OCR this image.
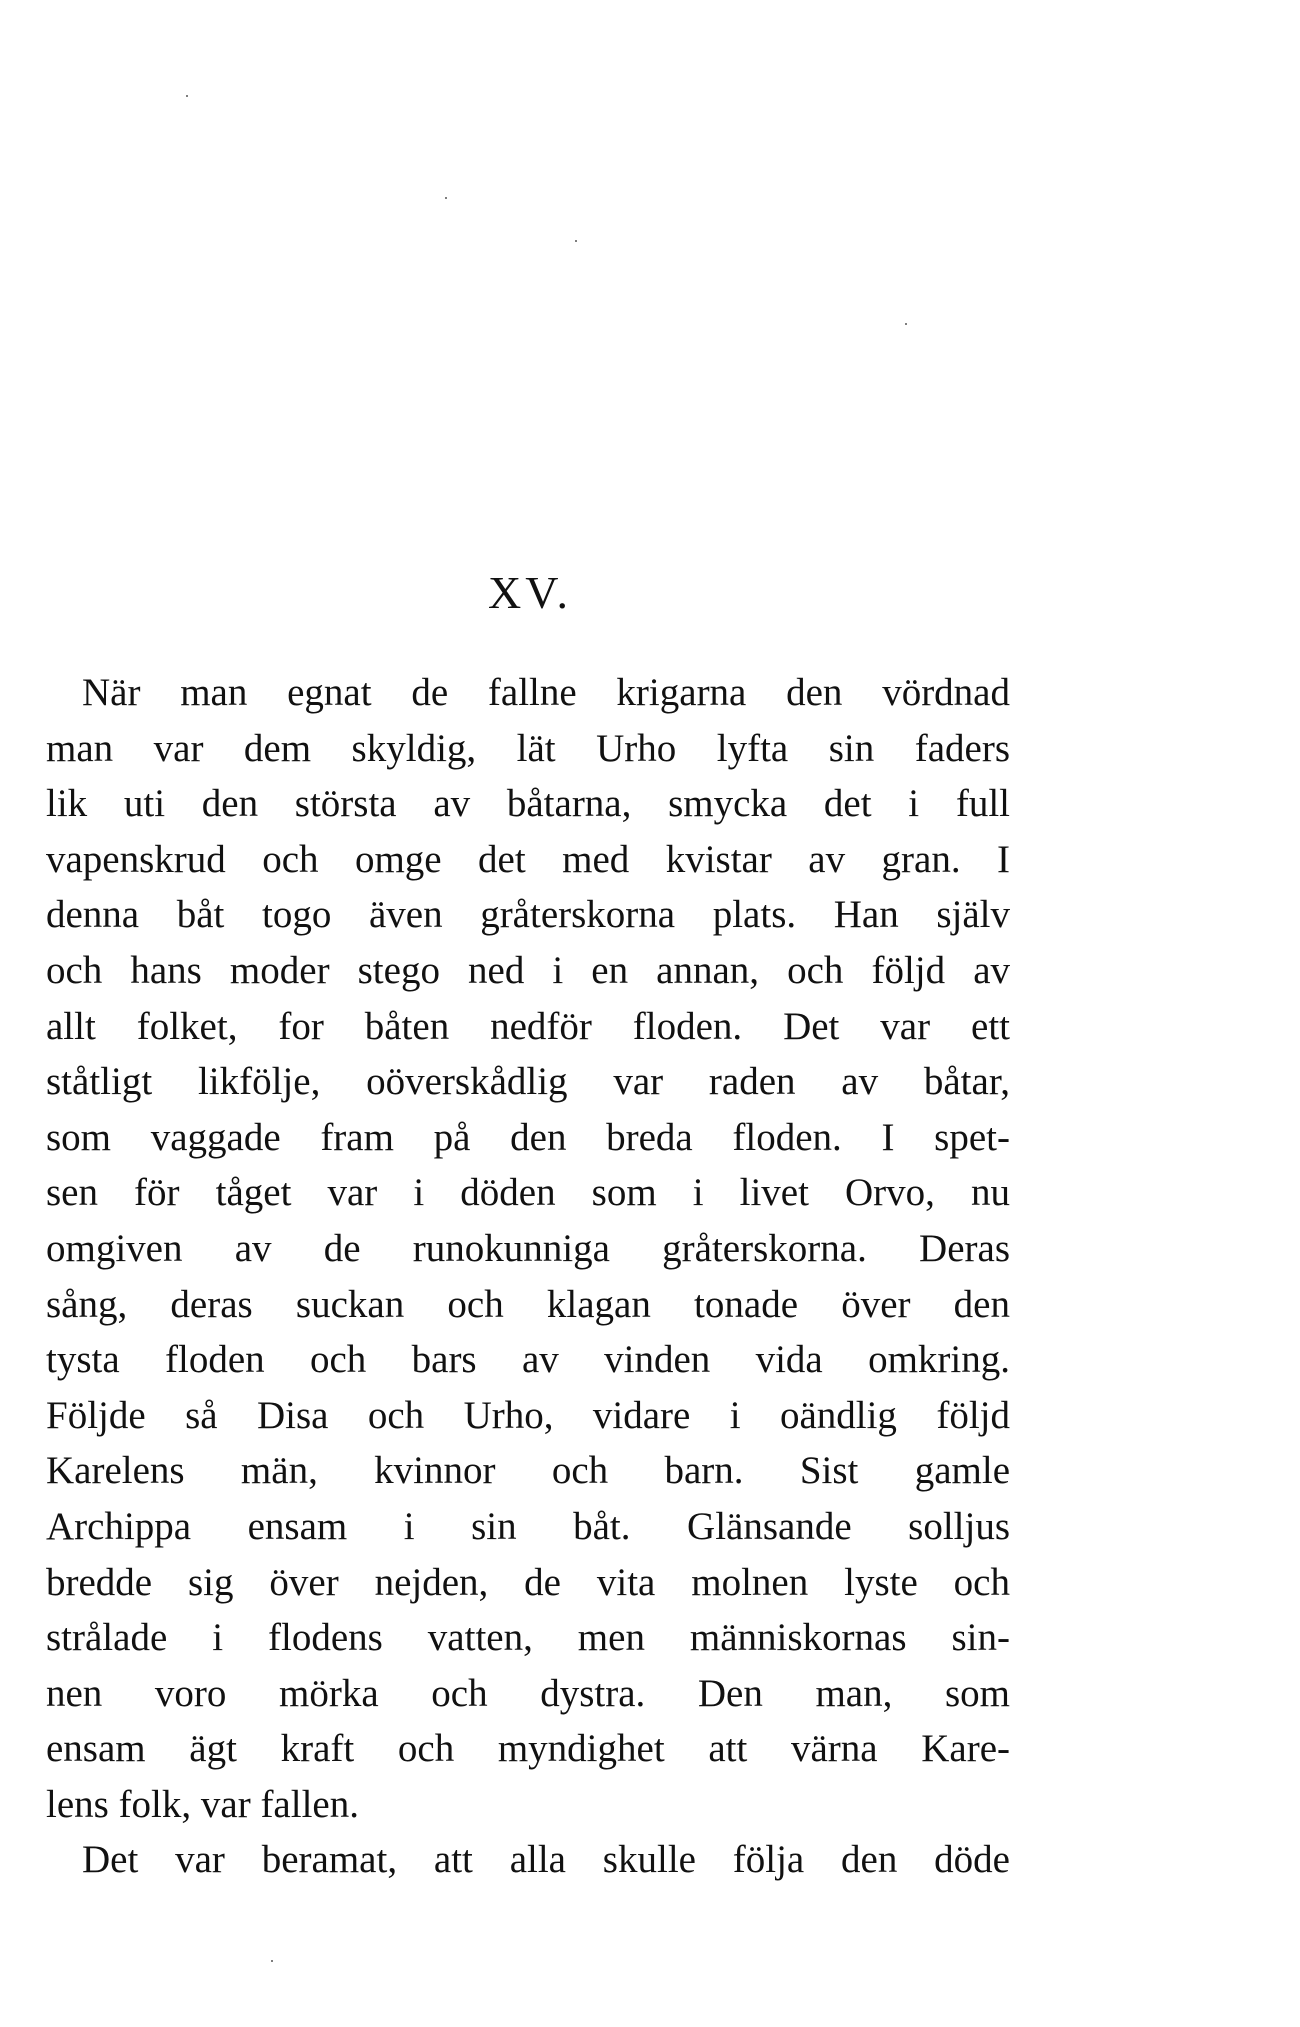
XV.
När man egnat de fallne krigarna den vördnad
man var dem skyldig, lät Urho lyfta sin faders
lik uti den största av båtarna, smycka det i full
vapenskrud och omge det med kvistar av gran. I
denna båt togo även gråterskorna plats. Han själv
och hans moder stego ned i en annan, och följd av
allt folket, for båten nedför floden. Det var ett
ståtligt likfölje, oöverskådlig var raden av båtar,
som vaggade fram på den breda floden. I spet-
sen för tåget var i döden som i livet Orvo, nu
omgiven av de runokunniga gråterskorna. Deras
sång, deras suckan och klagan tonade över den
tysta floden och bars av vinden vida omkring.
Följde så Disa och Urho, vidare i oändlig följd
Karelens män, kvinnor och barn. Sist gamle
Archippa ensam i sin båt. Glänsande solljus
bredde sig över nejden, de vita molnen lyste och
strålade i flodens vatten, men människornas sin-
nen voro mörka och dystra. Den man, som
ensam ägt kraft och myndighet att värna Kare-
lens folk, var fallen.
Det var beramat, att alla skulle följa den döde
